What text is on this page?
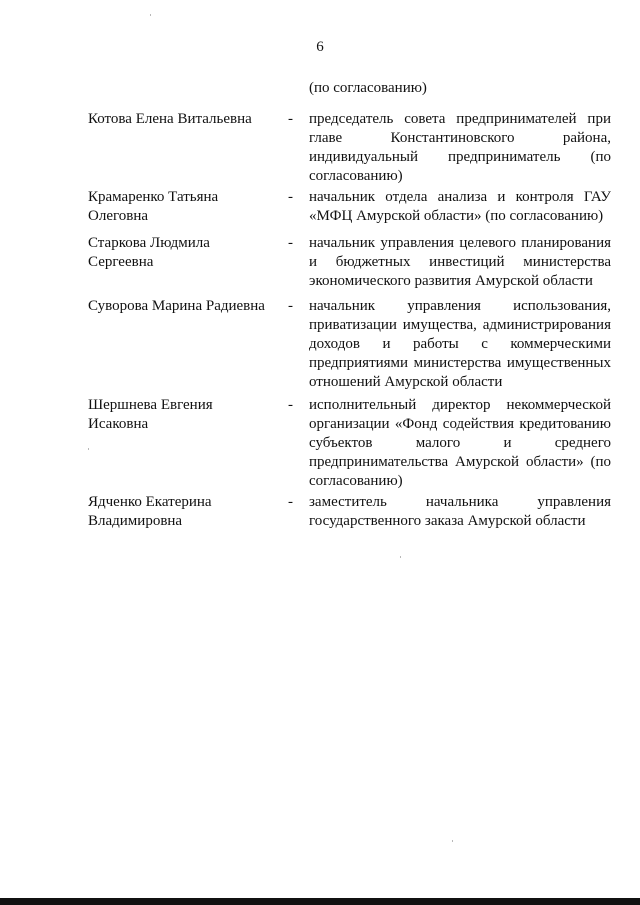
6
(по согласованию)
Котова Елена Витальевна	- председатель совета предпринимателей при главе Константиновского района, индивидуальный предприниматель (по согласованию)
Крамаренко Татьяна Олеговна
- начальник отдела анализа и контроля ГАУ «МФЦ Амурской области» (по согласованию)
Старкова Людмила Сергеевна
- начальник управления целевого планирования и бюджетных инвестиций министерства экономического развития Амурской области
Суворова Марина Радиевна	- начальник управления использования, приватизации имущества, администрирования доходов и работы с коммерческими предприятиями министерства имущественных отношений Амурской области
Шершнева Евгения Исаковна
- исполнительный директор некоммерческой организации «Фонд содействия кредитованию субъектов малого и среднего предпринимательства Амурской области» (по согласованию)
Ядченко Екатерина Владимировна
- заместитель начальника управления государственного заказа Амурской области
